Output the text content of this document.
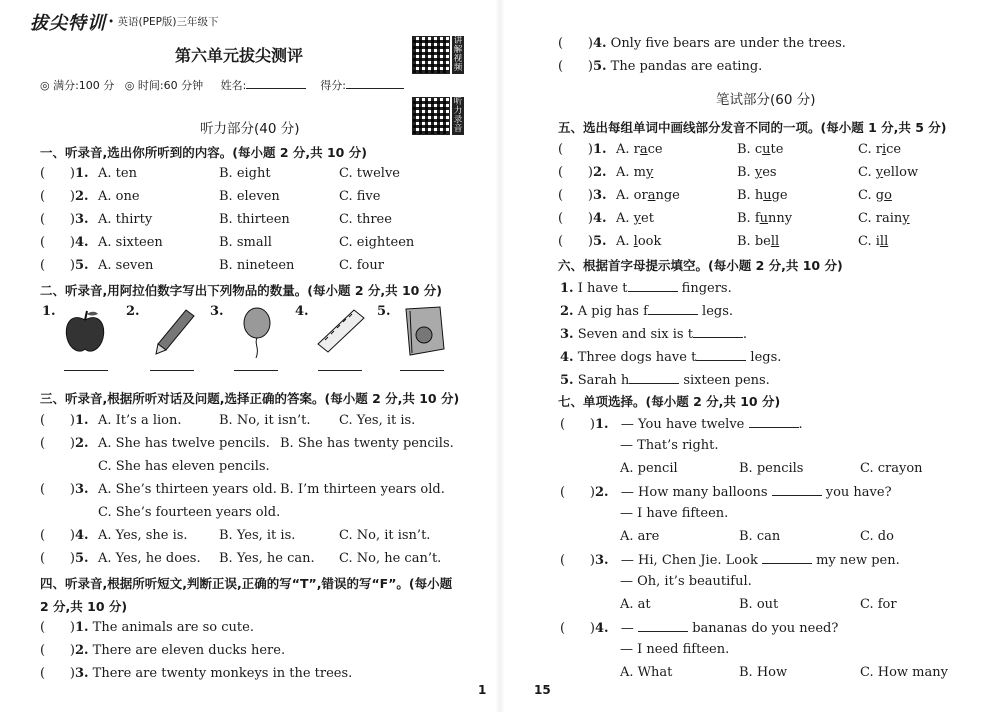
拔尖特训 • 英语(PEP版)三年级下
第六单元拔尖测评
讲解视频
听力录音
◎ 满分:100 分 ◎ 时间:60 分钟 姓名:	得分:
听力部分(40 分)
一、听录音,选出你所听到的内容。(每小题 2 分,共 10 分)
(      )1. A. ten	B. eight	C. twelve
(      )2. A. one	B. eleven	C. five
(      )3. A. thirty	B. thirteen	C. three
(      )4. A. sixteen	B. small	C. eighteen
(      )5. A. seven	B. nineteen	C. four
二、听录音,用阿拉伯数字写出下列物品的数量。(每小题 2 分,共 10 分)
1.	2.	3.	4.	5.
三、听录音,根据所听对话及问题,选择正确的答案。(每小题 2 分,共 10 分)
(      )1. A. It’s a lion.	B. No, it isn’t. C. Yes, it is.
(      )2. A. She has twelve pencils. B. She has twenty pencils.
C. She has eleven pencils.
(      )3. A. She’s thirteen years old. B. I’m thirteen years old.
C. She’s fourteen years old.
(      )4. A. Yes, she is. B. Yes, it is.	C. No, it isn’t.
(      )5. A. Yes, he does. B. Yes, he can. C. No, he can’t.
四、听录音,根据所听短文,判断正误,正确的写“T”,错误的写“F”。(每小题
2 分,共 10 分)
(      )1. The animals are so cute.
(      )2. There are eleven ducks here.
(      )3. There are twenty monkeys in the trees.
(      )4. Only five bears are under the trees.
(      )5. The pandas are eating.
1
笔试部分(60 分)
五、选出每组单词中画线部分发音不同的一项。(每小题 1 分,共 5 分)
(      )1. A. race	B. cute	C. rice
(      )2. A. my	B. yes	C. yellow
(      )3. A. orange	B. huge	C. go
(      )4. A. yet	B. funny	C. rainy
(      )5. A. look	B. bell	C. ill
六、根据首字母提示填空。(每小题 2 分,共 10 分)
1. I have t	fingers.
2. A pig has f	legs.
3. Seven and six is t	.
4. Three dogs have t	legs.
5. Sarah h	sixteen pens.
七、单项选择。(每小题 2 分,共 10 分)
(      )1. — You have twelve	.
— That’s right.
A. pencil	B. pencils	C. crayon
(      )2. — How many balloons	you have?
— I have fifteen.
A. are	B. can	C. do
(      )3. — Hi, Chen Jie. Look	my new pen.
— Oh, it’s beautiful.
A. at	B. out	C. for
(      )4. —	bananas do you need?
— I need fifteen.
A. What	B. How	C. How many
15
